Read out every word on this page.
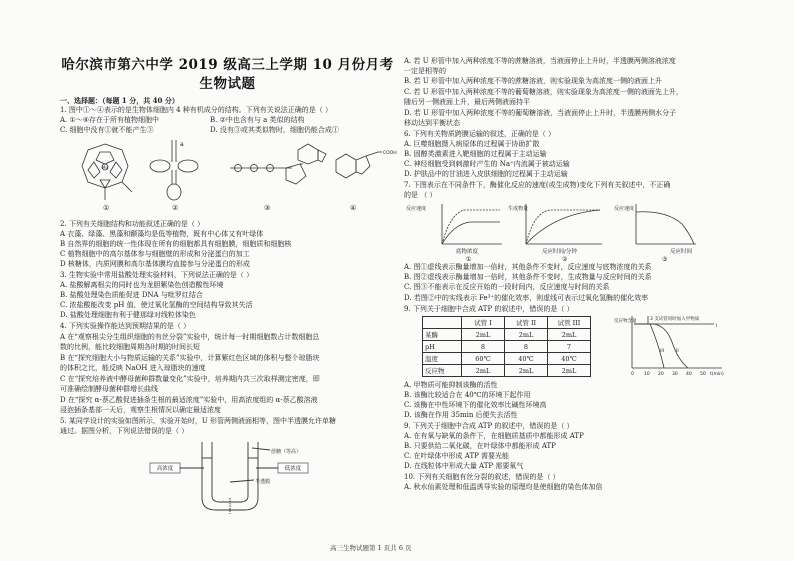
哈尔滨市第六中学 2019 级高三上学期 10 月份月考
生物试题
一、选择题：（每题 1 分，共 40 分）
1. 图中①～④表示的是生物体细胞内 4 种有机成分的结构。下列有关说法正确的是（ ）
A. ①～④存在于所有植物细胞中	B. ②中也含有与 a 类似的结构
C. 细胞中没有①就不能产生③	D. 没有③或其类似物时，细胞仍能合成①
Mg
①
a
②	③
COOH
④
2. 下列有关细胞结构和功能叙述正确的是（ ）
A 衣藻、绿藻、黑藻和颤藻均是低等植物，既有中心体又有叶绿体
B 自然界的细胞的统一性体现在所有的细胞都具有细胞膜，细胞质和细胞核
C 植物细胞中的高尔基体参与细胞壁的形成和分泌蛋白的加工
D 核糖体，内质网膜和高尔基体膜均直接参与分泌蛋白的形成
3. 生物实验中常用盐酸处理实验材料，下列说法正确的是（ ）
A. 盐酸解离根尖的同时也为龙胆紫染色创造酸性环境
B. 盐酸处理染色质能促进 DNA 与吡罗红结合
C. 浓盐酸能改变 pH 值，使过氧化氢酶的空间结构导致其失活
D. 盐酸处理细胞有利于健那绿对线粒体染色
4. 下列实验操作能达到预期结果的是（ ）
A 在“观察根尖分生组织细胞的有丝分裂”实验中，统计每一时期细胞数占计数细胞总
数的比例，能比较细胞周期各时期的时间长短
B 在“探究细胞大小与物质运输的关系”实验中，计算紫红色区域的体积与整个琼脂块
的体积之比，能反映 NaOH 进入琼脂块的速度
C 在“探究培养液中酵母菌种群数量变化”实验中，培养期内共三次取样测定密度，即
可准确绘制酵母菌种群增长曲线
D 在“探究 α-萘乙酸促进插条生根的最适浓度”实验中，用高浓度组的 α-萘乙酸溶液
浸泡插条基部一天后，观察生根情况以确定最适浓度
5. 某同学设计的实验如图所示，实验开始时，U 形管两侧液面相等，图中半透膜允许单糖
通过。据图分析，下列说法错误的是（ ）
高浓度	低浓度
半透膜
蔗糖（等高）
A. 若 U 形管中加入两种浓度不等的蔗糖溶液，当液面停止上升时，半透膜两侧溶液浓度
一定是相等的
B. 若 U 形管中加入两种浓度不等的蔗糖溶液，则实验现象为高浓度一侧的液面上升
C. 若 U 形管中加入两种浓度不等的葡萄糖溶液，则实验现象为高浓度一侧的液面先上升，
随后另一侧液面上升，最后两侧液面持平
D. 若 U 形管中加入两种浓度不等的葡萄糖溶液，当液面停止上升时，半透膜两侧水分子
移动达到平衡状态
6. 下列有关物质跨膜运输的叙述，正确的是（ ）
A. 巨噬细胞摄入病原体的过程属于协助扩散
B. 固醇类激素进入靶细胞的过程属于主动运输
C. 神经细胞受到刺激时产生的 Na⁺内流属于被动运输
D. 护肤品中的甘油进入皮肤细胞的过程属于主动运输
7. 下图表示在不同条件下，酶催化反应的速度(或生成物)变化下列有关叙述中，不正确
的是 （ ）
反应速度
底物浓度
①
生成物量
反应时间/分钟
②
反应速度
反应时间
③
A. 图①虚线表示酶量增加一倍时，其他条件不变时，反应速度与底物浓度的关系
B. 图②虚线表示酶量增加一倍时，其他条件不变时，生成物量与反应时间的关系
C. 图③不能表示在反应开始的一段时间内，反应速度与时间的关系
D. 若图②中的实线表示 Fe³⁺的催化效率，则虚线可表示过氧化氢酶的催化效率
9. 下列关于细胞中合成 ATP 的叙述中，错误的是（ ）
	试管 I	试管 II	试管 III
某酶	2mL	2mL	2mL
pH	8	8	7
温度	60℃	40℃	40℃
反应物	2mL	2mL	2mL
反应物含量	3 支试管同时加入甲物质
0 10 20 30 40 50 t(min)
I
II
III
A. 甲物质可能抑制该酶的活性
B. 该酶比较适合在 40℃的环境下起作用
C. 该酶在中性环境下的催化效率比碱性环境高
D. 该酶在作用 35min 后便失去活性
9. 下列关于细胞中合成 ATP 的叙述中，错误的是（ ）
A. 在有氧与缺氧的条件下，在细胞质基质中都能形成 ATP
B. 只要供给二氧化碳，在叶绿体中都能形成 ATP
C. 在叶绿体中形成 ATP 需要光能
D. 在线粒体中形成大量 ATP 需要氧气
10. 下列有关细胞有丝分裂的叙述，错误的是（ ）
A. 秋水仙素处理和低温诱导实验的原理均是使细胞的染色体加倍
高三生物试题第 1 页共 6 页
